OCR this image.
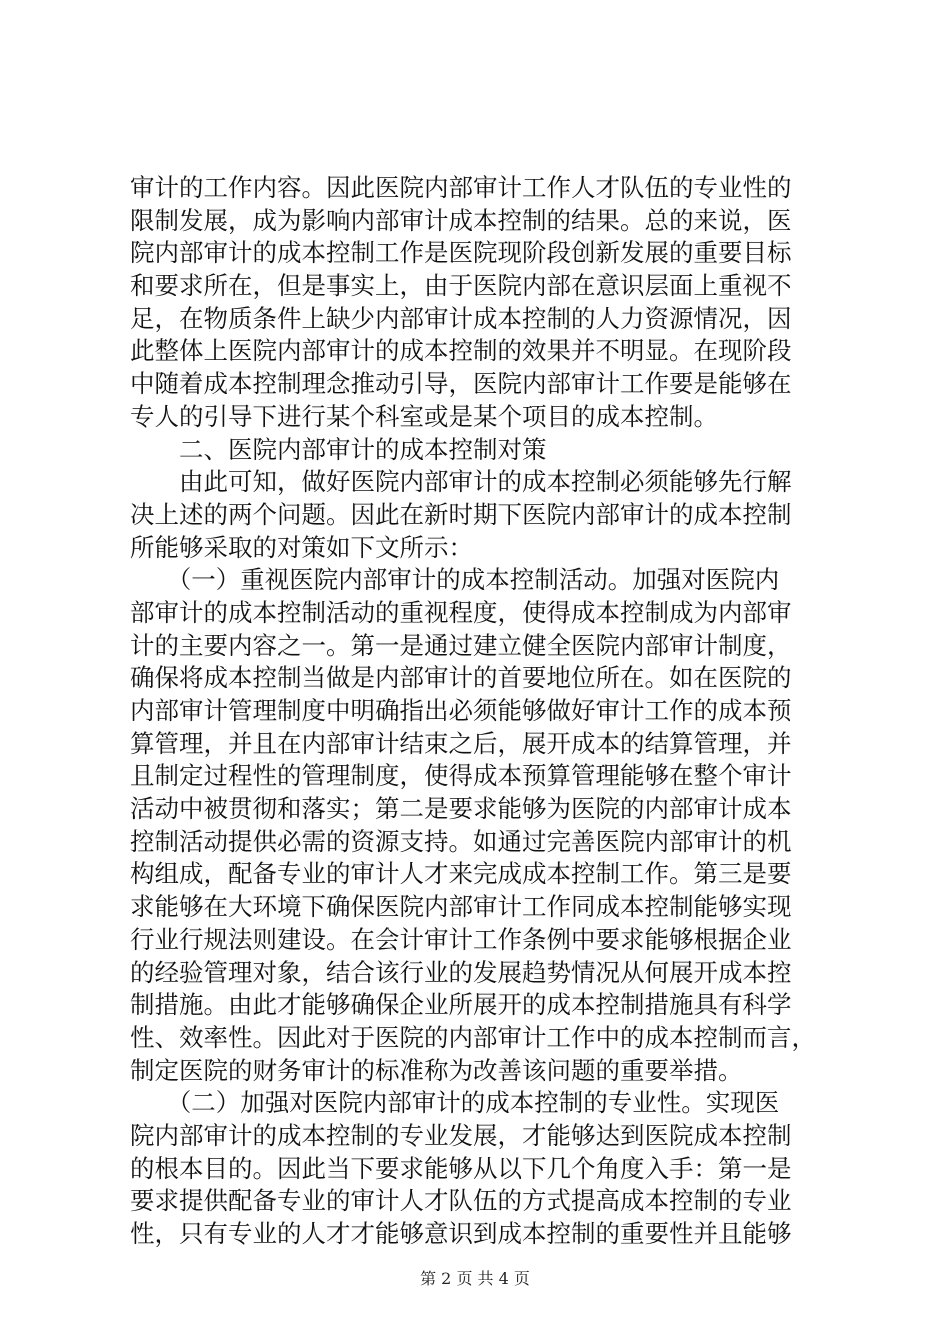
审计的工作内容。因此医院内部审计工作人才队伍的专业性的
限制发展，成为影响内部审计成本控制的结果。总的来说，医
院内部审计的成本控制工作是医院现阶段创新发展的重要目标
和要求所在，但是事实上，由于医院内部在意识层面上重视不
足，在物质条件上缺少内部审计成本控制的人力资源情况，因
此整体上医院内部审计的成本控制的效果并不明显。在现阶段
中随着成本控制理念推动引导，医院内部审计工作要是能够在
专人的引导下进行某个科室或是某个项目的成本控制。
　　二、医院内部审计的成本控制对策
　　由此可知，做好医院内部审计的成本控制必须能够先行解
决上述的两个问题。因此在新时期下医院内部审计的成本控制
所能够采取的对策如下文所示：
　　（一）重视医院内部审计的成本控制活动。加强对医院内
部审计的成本控制活动的重视程度，使得成本控制成为内部审
计的主要内容之一。第一是通过建立健全医院内部审计制度，
确保将成本控制当做是内部审计的首要地位所在。如在医院的
内部审计管理制度中明确指出必须能够做好审计工作的成本预
算管理，并且在内部审计结束之后，展开成本的结算管理，并
且制定过程性的管理制度，使得成本预算管理能够在整个审计
活动中被贯彻和落实；第二是要求能够为医院的内部审计成本
控制活动提供必需的资源支持。如通过完善医院内部审计的机
构组成，配备专业的审计人才来完成成本控制工作。第三是要
求能够在大环境下确保医院内部审计工作同成本控制能够实现
行业行规法则建设。在会计审计工作条例中要求能够根据企业
的经验管理对象，结合该行业的发展趋势情况从何展开成本控
制措施。由此才能够确保企业所展开的成本控制措施具有科学
性、效率性。因此对于医院的内部审计工作中的成本控制而言，
制定医院的财务审计的标准称为改善该问题的重要举措。
　　（二）加强对医院内部审计的成本控制的专业性。实现医
院内部审计的成本控制的专业发展，才能够达到医院成本控制
的根本目的。因此当下要求能够从以下几个角度入手：第一是
要求提供配备专业的审计人才队伍的方式提高成本控制的专业
性，只有专业的人才才能够意识到成本控制的重要性并且能够
第 2 页 共 4 页
